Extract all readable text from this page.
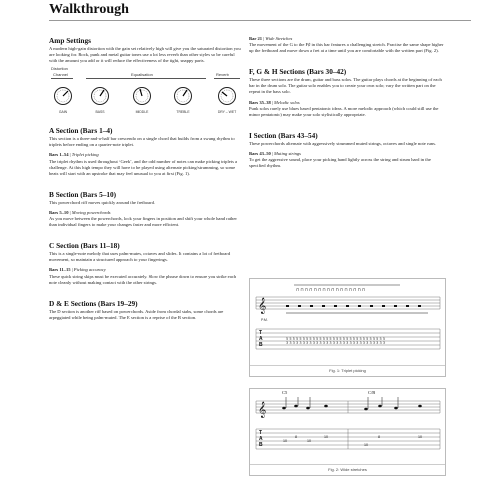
Walkthrough
Amp Settings

A modern high-gain distortion with the gain set relatively high will give you the saturated distortion you are looking for. Rock, punk and metal guitar tones use a lot less reverb than other styles so be careful with the amount you add or it will reduce the effectiveness of the tight, snappy parts.

Distortion
Channel	Equalisation	Reverb
GAIN	BASS	MIDDLE	TREBLE	DRY – WET
A Section (Bars 1–4)

This section is a three-and-a-half bar crescendo on a single chord that builds from a swung rhythm to triplets before ending on a quarter-note triplet.

Bars 1–54 | Triplet picking

The triplet rhythm is used throughout ‘Geek’, and the odd number of notes can make picking triplets a challenge. At this high tempo they will have to be played using alternate picking/strumming, so some beats will start with an upstroke that may feel unusual to you at first (Fig. 1).

B Section (Bars 5–10)

This powerchord riff moves quickly around the fretboard.

Bars 5–10 | Moving powerchords

As you move between the powerchords, lock your fingers in position and shift your whole hand rather than individual fingers to make your changes faster and more efficient.

C Section (Bars 11–18)

This is a single-note melody that uses palm-mutes, octaves and slides. It contains a lot of fretboard movement, so maintain a structured approach to your fingerings.

Bars 11–15 | Picking accuracy

These quick string skips must be executed accurately. Slow the phrase down to ensure you strike each note cleanly without making contact with the other strings.

D & E Sections (Bars 19–29)

The D section is another riff based on powerchords. Aside from chordal stabs, some chords are arpeggiated while being palm-muted. The E section is a reprise of the B section.

Bar 21 | Wide Stretches

The movement of the G to the F♯ in this bar features a challenging stretch. Practise the same shape higher up the fretboard and move down a fret at a time until you are comfortable with the written part (Fig. 2).

F, G & H Sections (Bars 30–42)

These three sections are the drum, guitar and bass solos. The guitar plays chords at the beginning of each bar in the drum solo. The guitar solo enables you to create your own solo; vary the written part on the repeat in the bass solo.

Bars 35–38 | Melodic solos

Punk solos rarely use blues based pentatonic ideas. A more melodic approach (which could still use the minor pentatonic) may make your solo stylistically appropriate.

I Section (Bars 43–54)

These powerchords alternate with aggressively strummed muted strings, octaves and single note runs.

Bars 43–50 | Muting strings

To get the aggressive sound, place your picking hand lightly across the string and strum hard in the specified rhythm.

⊓ ⊓ ⊓ ⊓ ⊓ ⊓ ⊓ ⊓ ⊓ ⊓ ⊓ ⊓ ⊓ ⊓ ⊓ ⊓
𝄞
5 5 5 5 5 5 5 5 5 5 5 5 5 5 5 5 5 5 5 5 5 5 5 5 5 5 5 5 5 5
3 3 3 3 3 3 3 3 3 3 3 3 3 3 3 3 3 3 3 3 3 3 3 3 3 3 3 3 3 3
P.M.
T
A
B
Fig. 1: Triplet picking
𝄞
C5	C/B
T
A
B
10
8
10
10
10
8	10
Fig. 2: Wide stretches
